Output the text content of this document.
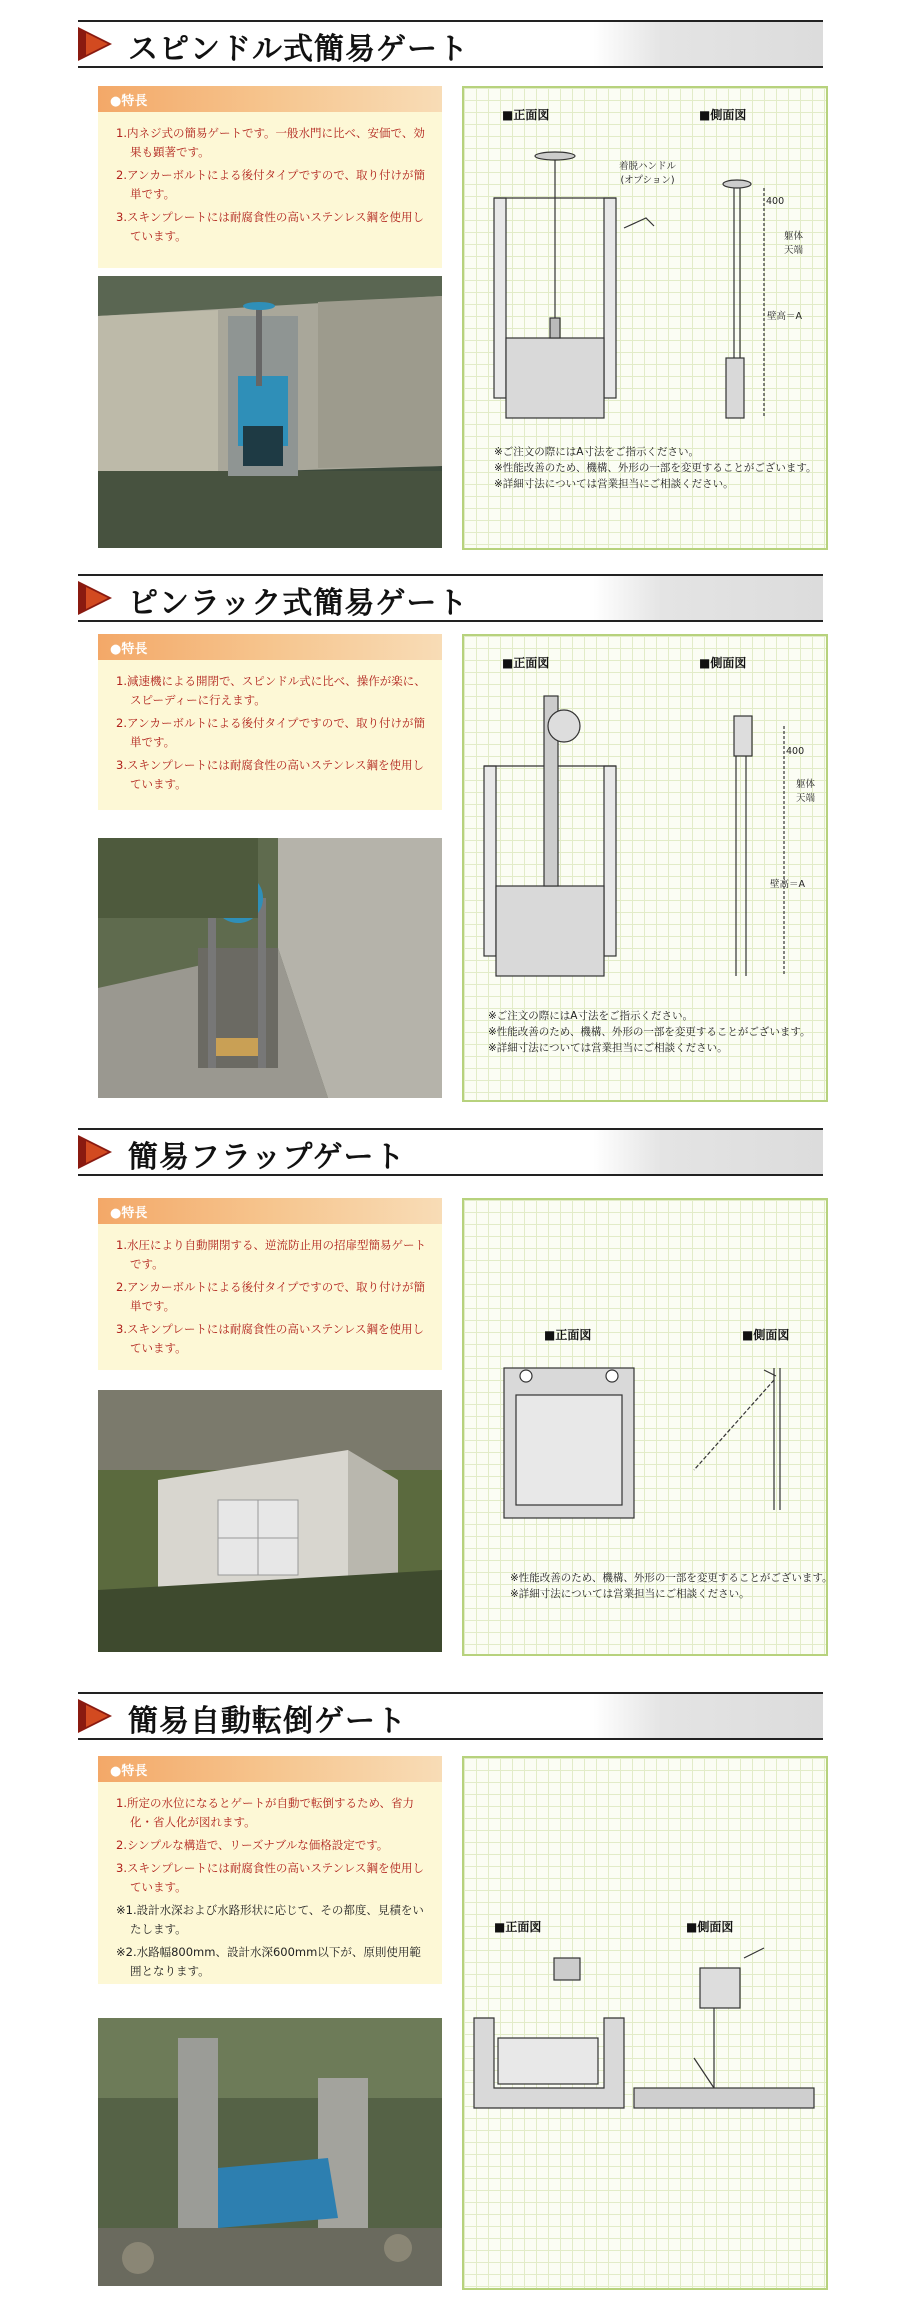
スピンドル式簡易ゲート
●特長
1.内ネジ式の簡易ゲートです。一般水門に比べ、安価で、効果も顕著です。
2.アンカーボルトによる後付タイプですので、取り付けが簡単です。
3.スキンプレートには耐腐食性の高いステンレス鋼を使用しています。
■正面図	■側面図
着脱ハンドル
(オプション)
400
躯体
天端
壁高＝A
※ご注文の際にはA寸法をご指示ください。
※性能改善のため、機構、外形の一部を変更することがございます。
※詳細寸法については営業担当にご相談ください。
ピンラック式簡易ゲート
●特長
1.減速機による開閉で、スピンドル式に比べ、操作が楽に、スピーディーに行えます。
2.アンカーボルトによる後付タイプですので、取り付けが簡単です。
3.スキンプレートには耐腐食性の高いステンレス鋼を使用しています。
■正面図	■側面図
400
躯体
天端
壁高＝A
※ご注文の際にはA寸法をご指示ください。
※性能改善のため、機構、外形の一部を変更することがございます。
※詳細寸法については営業担当にご相談ください。
簡易フラップゲート
●特長
1.水圧により自動開閉する、逆流防止用の招扉型簡易ゲートです。
2.アンカーボルトによる後付タイプですので、取り付けが簡単です。
3.スキンプレートには耐腐食性の高いステンレス鋼を使用しています。
■正面図	■側面図
※性能改善のため、機構、外形の一部を変更することがございます。
※詳細寸法については営業担当にご相談ください。
簡易自動転倒ゲート
●特長
1.所定の水位になるとゲートが自動で転倒するため、省力化・省人化が図れます。
2.シンプルな構造で、リーズナブルな価格設定です。
3.スキンプレートには耐腐食性の高いステンレス鋼を使用しています。
※1.設計水深および水路形状に応じて、その都度、見積をいたします。
※2.水路幅800mm、設計水深600mm以下が、原則使用範囲となります。
■正面図	■側面図
